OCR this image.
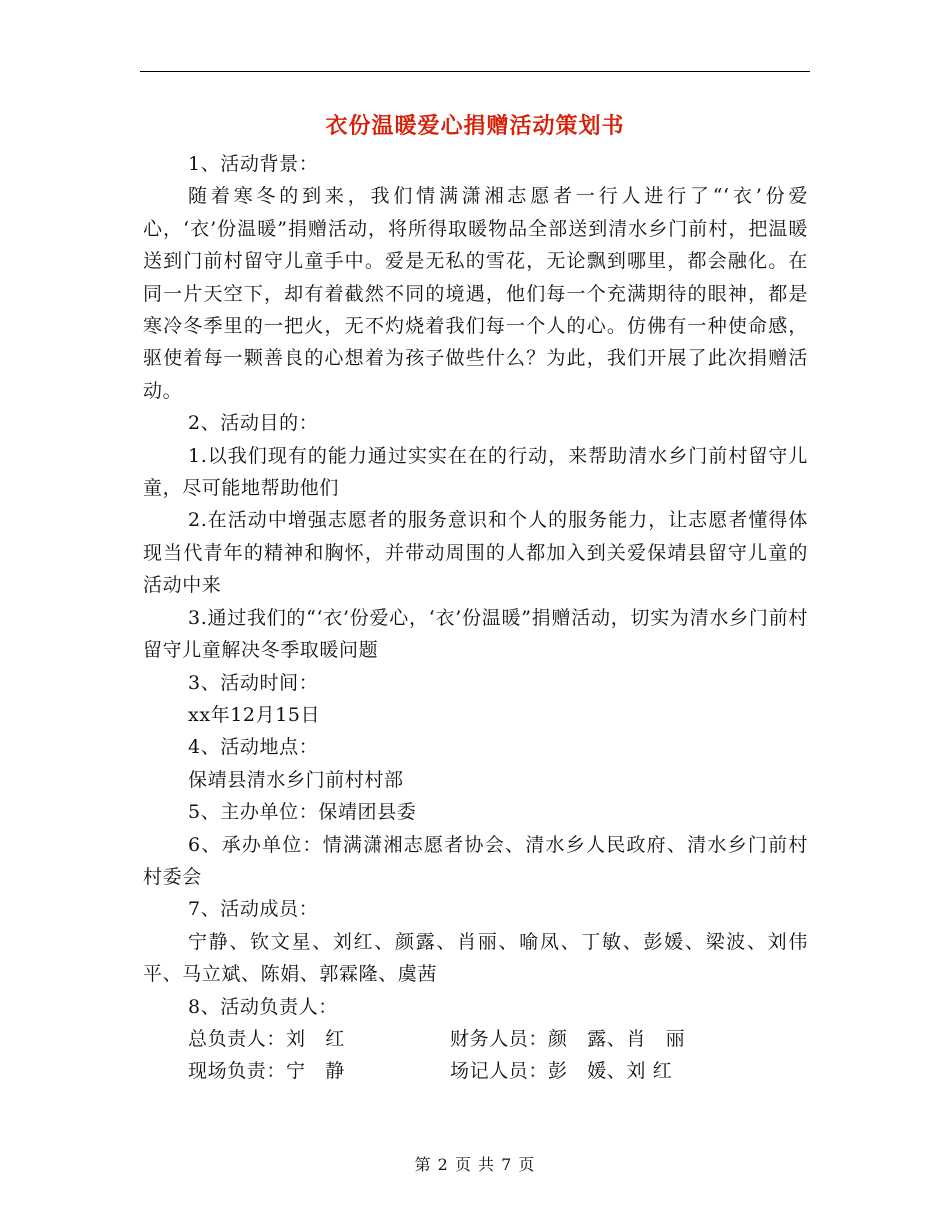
衣份温暖爱心捐赠活动策划书

1、活动背景：

随着寒冬的到来，我们情满潇湘志愿者一行人进行了“‘衣’份爱心，‘衣’份温暖”捐赠活动，将所得取暖物品全部送到清水乡门前村，把温暖送到门前村留守儿童手中。爱是无私的雪花，无论飘到哪里，都会融化。在同一片天空下，却有着截然不同的境遇，他们每一个充满期待的眼神，都是寒冷冬季里的一把火，无不灼烧着我们每一个人的心。仿佛有一种使命感，驱使着每一颗善良的心想着为孩子做些什么？为此，我们开展了此次捐赠活动。

2、活动目的：

1.以我们现有的能力通过实实在在的行动，来帮助清水乡门前村留守儿童，尽可能地帮助他们

2.在活动中增强志愿者的服务意识和个人的服务能力，让志愿者懂得体现当代青年的精神和胸怀，并带动周围的人都加入到关爱保靖县留守儿童的活动中来

3.通过我们的“‘衣’份爱心，‘衣’份温暖”捐赠活动，切实为清水乡门前村留守儿童解决冬季取暖问题

3、活动时间：

xx年12月15日

4、活动地点：

保靖县清水乡门前村村部

5、主办单位：保靖团县委

6、承办单位：情满潇湘志愿者协会、清水乡人民政府、清水乡门前村村委会

7、活动成员：

宁静、钦文星、刘红、颜露、肖丽、喻凤、丁敏、彭媛、梁波、刘伟平、马立斌、陈娟、郭霖隆、虞茜

8、活动负责人：

总负责人：刘　红	财务人员：颜　露、肖　丽
现场负责：宁　静	场记人员：彭　媛、刘 红
第 2 页 共 7 页
